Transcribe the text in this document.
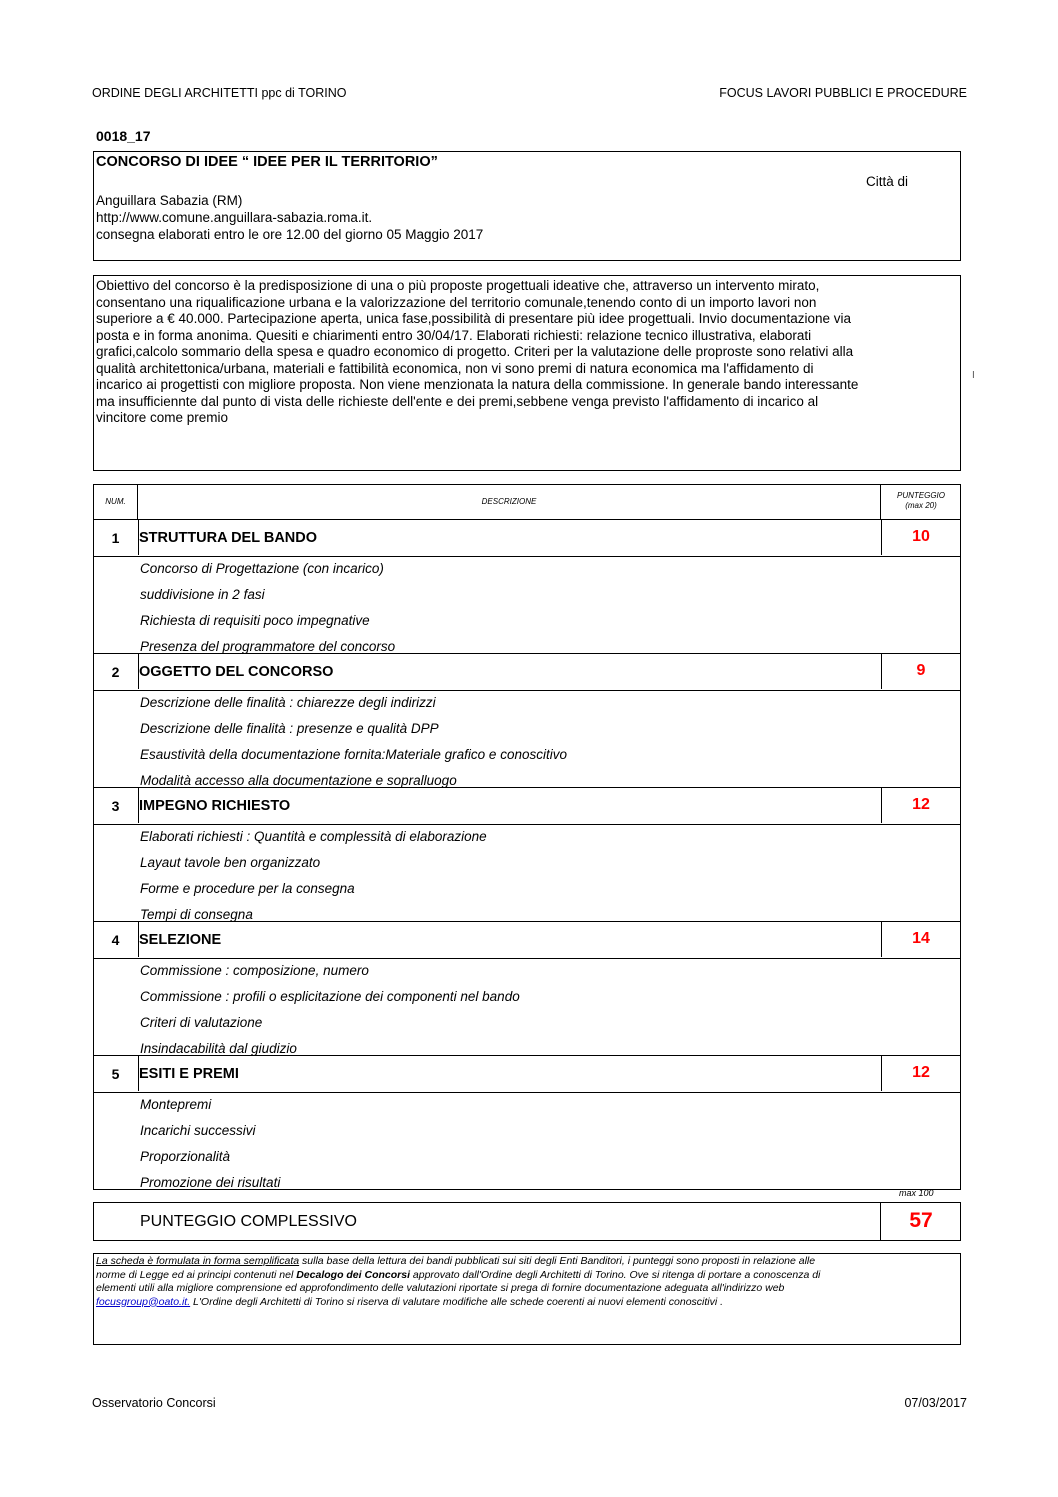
ORDINE DEGLI ARCHITETTI ppc di TORINO	FOCUS LAVORI PUBBLICI E PROCEDURE
0018_17
CONCORSO DI IDEE “ IDEE PER IL TERRITORIO”
Città di
Anguillara Sabazia (RM)
http://www.comune.anguillara-sabazia.roma.it.
consegna elaborati entro le ore 12.00 del giorno 05 Maggio 2017
Obiettivo del concorso è la predisposizione di una o più proposte progettuali ideative che, attraverso un intervento mirato,
consentano una riqualificazione urbana e la valorizzazione del territorio comunale,tenendo conto di un importo lavori non
superiore a € 40.000. Partecipazione aperta, unica fase,possibilità di presentare più idee progettuali. Invio documentazione via
posta e in forma anonima. Quesiti e chiarimenti entro 30/04/17. Elaborati richiesti: relazione tecnico illustrativa, elaborati
grafici,calcolo sommario della spesa e quadro economico di progetto. Criteri per la valutazione delle proproste sono relativi alla
qualità architettonica/urbana, materiali e fattibilità economica, non vi sono premi di natura economica ma l'affidamento di
incarico ai progettisti con migliore proposta. Non viene menzionata la natura della commissione. In generale bando interessante
ma insufficiennte dal punto di vista delle richieste dell'ente e dei premi,sebbene venga previsto l'affidamento di incarico al
vincitore come premio
I
NUM.	DESCRIZIONE
PUNTEGGIO
(max 20)
1	STRUTTURA DEL BANDO	10
Concorso di Progettazione (con incarico)
suddivisione in 2 fasi
Richiesta di requisiti poco impegnative
Presenza del programmatore del concorso
2	OGGETTO DEL CONCORSO	9
Descrizione delle finalità : chiarezze degli indirizzi
Descrizione delle finalità : presenze e qualità DPP
Esaustività della documentazione fornita:Materiale grafico e conoscitivo
Modalità accesso alla documentazione e sopralluogo
3	IMPEGNO RICHIESTO	12
Elaborati richiesti : Quantità e complessità di elaborazione
Layaut tavole ben organizzato
Forme e procedure per la consegna
Tempi di consegna
4	SELEZIONE	14
Commissione : composizione, numero
Commissione : profili o esplicitazione dei componenti nel bando
Criteri di valutazione
Insindacabilità dal giudizio
5	ESITI E PREMI	12
Montepremi
Incarichi successivi
Proporzionalità
Promozione dei risultati
max 100
PUNTEGGIO COMPLESSIVO	57
La scheda è formulata in forma semplificata sulla base della lettura dei bandi pubblicati sui siti degli Enti Banditori, i punteggi sono proposti in relazione alle
norme di Legge ed ai principi contenuti nel Decalogo dei Concorsi approvato dall'Ordine degli Architetti di Torino. Ove si ritenga di portare a conoscenza di
elementi utili alla migliore comprensione ed approfondimento delle valutazioni riportate si prega di fornire documentazione adeguata all'indirizzo web
focusgroup@oato.it. L'Ordine degli Architetti di Torino si riserva di valutare modifiche alle schede coerenti ai nuovi elementi conoscitivi .
Osservatorio Concorsi	07/03/2017
